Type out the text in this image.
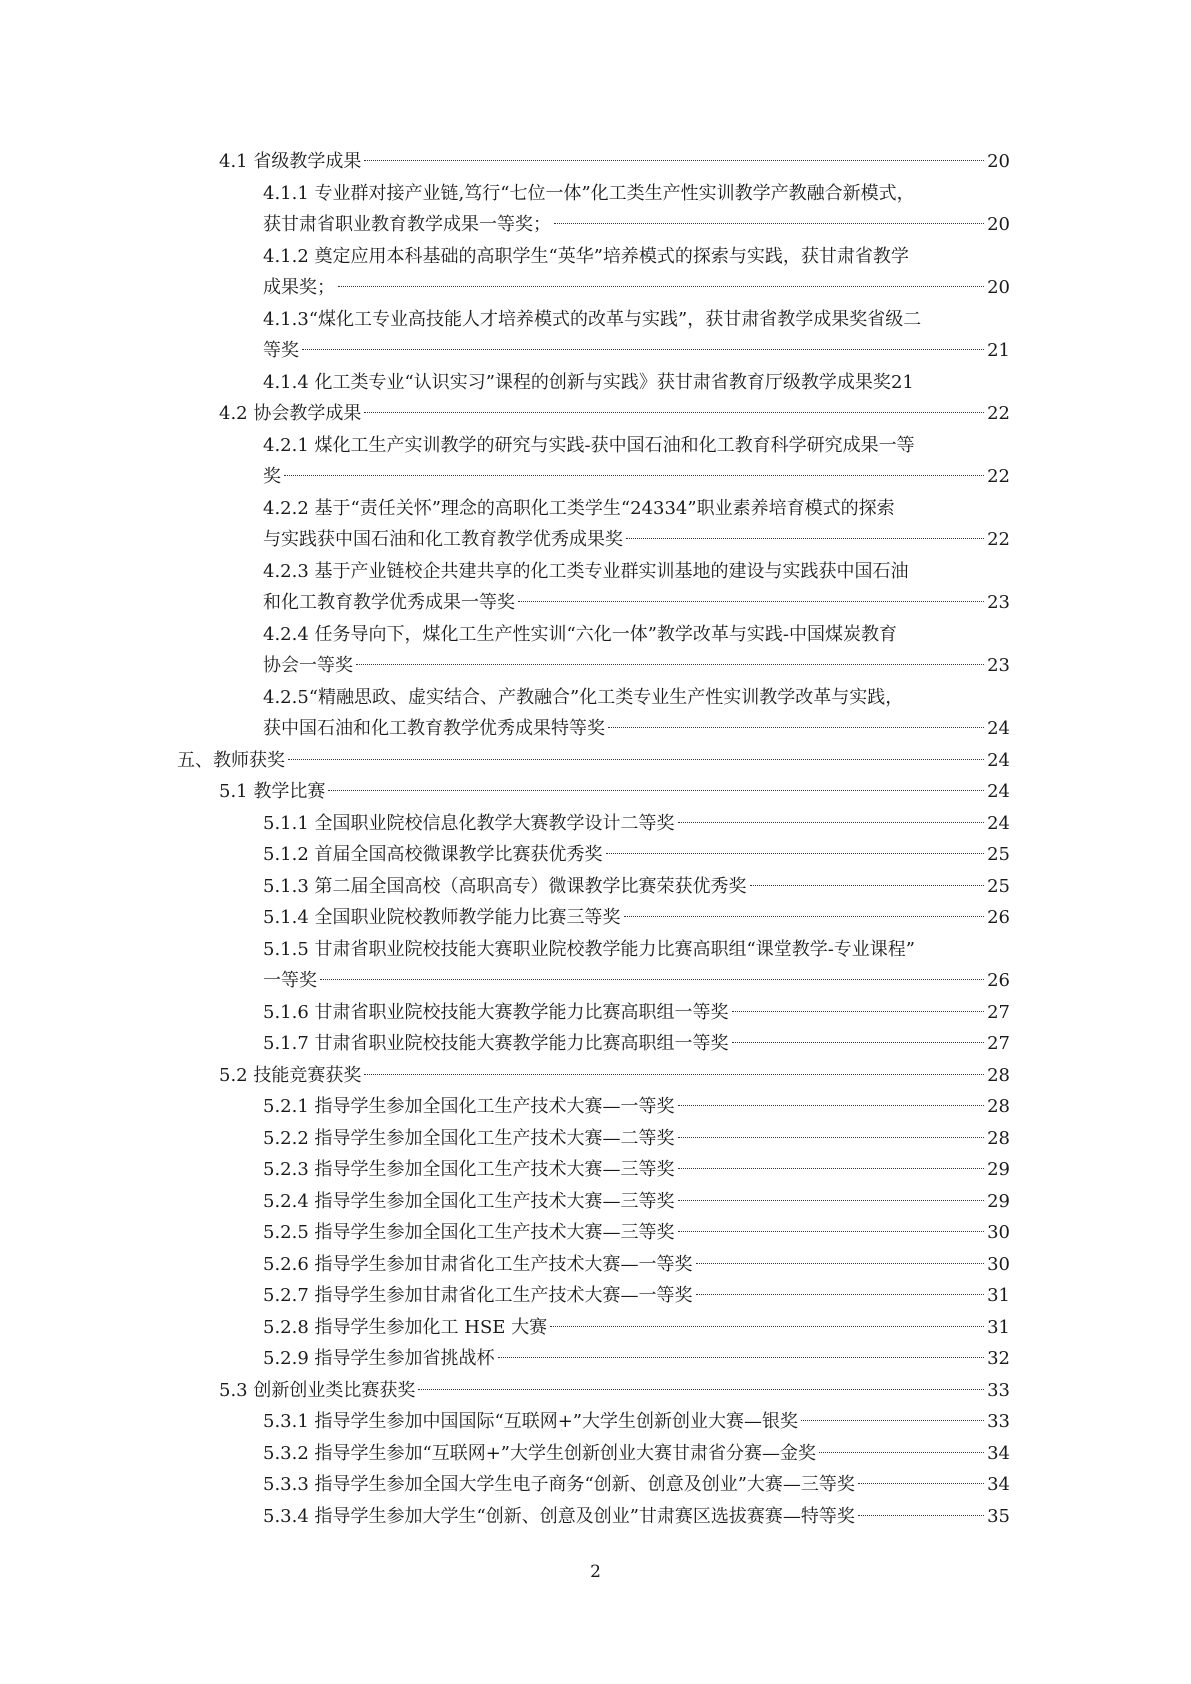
4.1 省级教学成果	20
4.1.1 专业群对接产业链,笃行“七位一体”化工类生产性实训教学产教融合新模式，
获甘肃省职业教育教学成果一等奖；	20
4.1.2 奠定应用本科基础的高职学生“英华”培养模式的探索与实践，获甘肃省教学
成果奖；	20
4.1.3“煤化工专业高技能人才培养模式的改革与实践”，获甘肃省教学成果奖省级二
等奖	21
4.1.4 化工类专业“认识实习”课程的创新与实践》获甘肃省教育厅级教学成果奖 21
4.2 协会教学成果	22
4.2.1 煤化工生产实训教学的研究与实践-获中国石油和化工教育科学研究成果一等
奖	22
4.2.2 基于“责任关怀”理念的高职化工类学生“24334”职业素养培育模式的探索
与实践获中国石油和化工教育教学优秀成果奖	22
4.2.3 基于产业链校企共建共享的化工类专业群实训基地的建设与实践获中国石油
和化工教育教学优秀成果一等奖	23
4.2.4 任务导向下，煤化工生产性实训“六化一体”教学改革与实践-中国煤炭教育
协会一等奖	23
4.2.5“精融思政、虚实结合、产教融合”化工类专业生产性实训教学改革与实践，
获中国石油和化工教育教学优秀成果特等奖	24
五、教师获奖	24
5.1 教学比赛	24
5.1.1 全国职业院校信息化教学大赛教学设计二等奖	24
5.1.2 首届全国高校微课教学比赛获优秀奖	25
5.1.3 第二届全国高校（高职高专）微课教学比赛荣获优秀奖	25
5.1.4 全国职业院校教师教学能力比赛三等奖	26
5.1.5 甘肃省职业院校技能大赛职业院校教学能力比赛高职组“课堂教学-专业课程”
一等奖	26
5.1.6 甘肃省职业院校技能大赛教学能力比赛高职组一等奖	27
5.1.7 甘肃省职业院校技能大赛教学能力比赛高职组一等奖	27
5.2 技能竞赛获奖	28
5.2.1 指导学生参加全国化工生产技术大赛—一等奖	28
5.2.2 指导学生参加全国化工生产技术大赛—二等奖	28
5.2.3 指导学生参加全国化工生产技术大赛—三等奖	29
5.2.4 指导学生参加全国化工生产技术大赛—三等奖	29
5.2.5 指导学生参加全国化工生产技术大赛—三等奖	30
5.2.6 指导学生参加甘肃省化工生产技术大赛—一等奖	30
5.2.7 指导学生参加甘肃省化工生产技术大赛—一等奖	31
5.2.8 指导学生参加化工 HSE 大赛	31
5.2.9 指导学生参加省挑战杯	32
5.3 创新创业类比赛获奖	33
5.3.1 指导学生参加中国国际“互联网+”大学生创新创业大赛—银奖	33
5.3.2 指导学生参加“互联网+”大学生创新创业大赛甘肃省分赛—金奖	34
5.3.3 指导学生参加全国大学生电子商务“创新、创意及创业”大赛—三等奖	34
5.3.4 指导学生参加大学生“创新、创意及创业”甘肃赛区选拔赛赛—特等奖	35
2
